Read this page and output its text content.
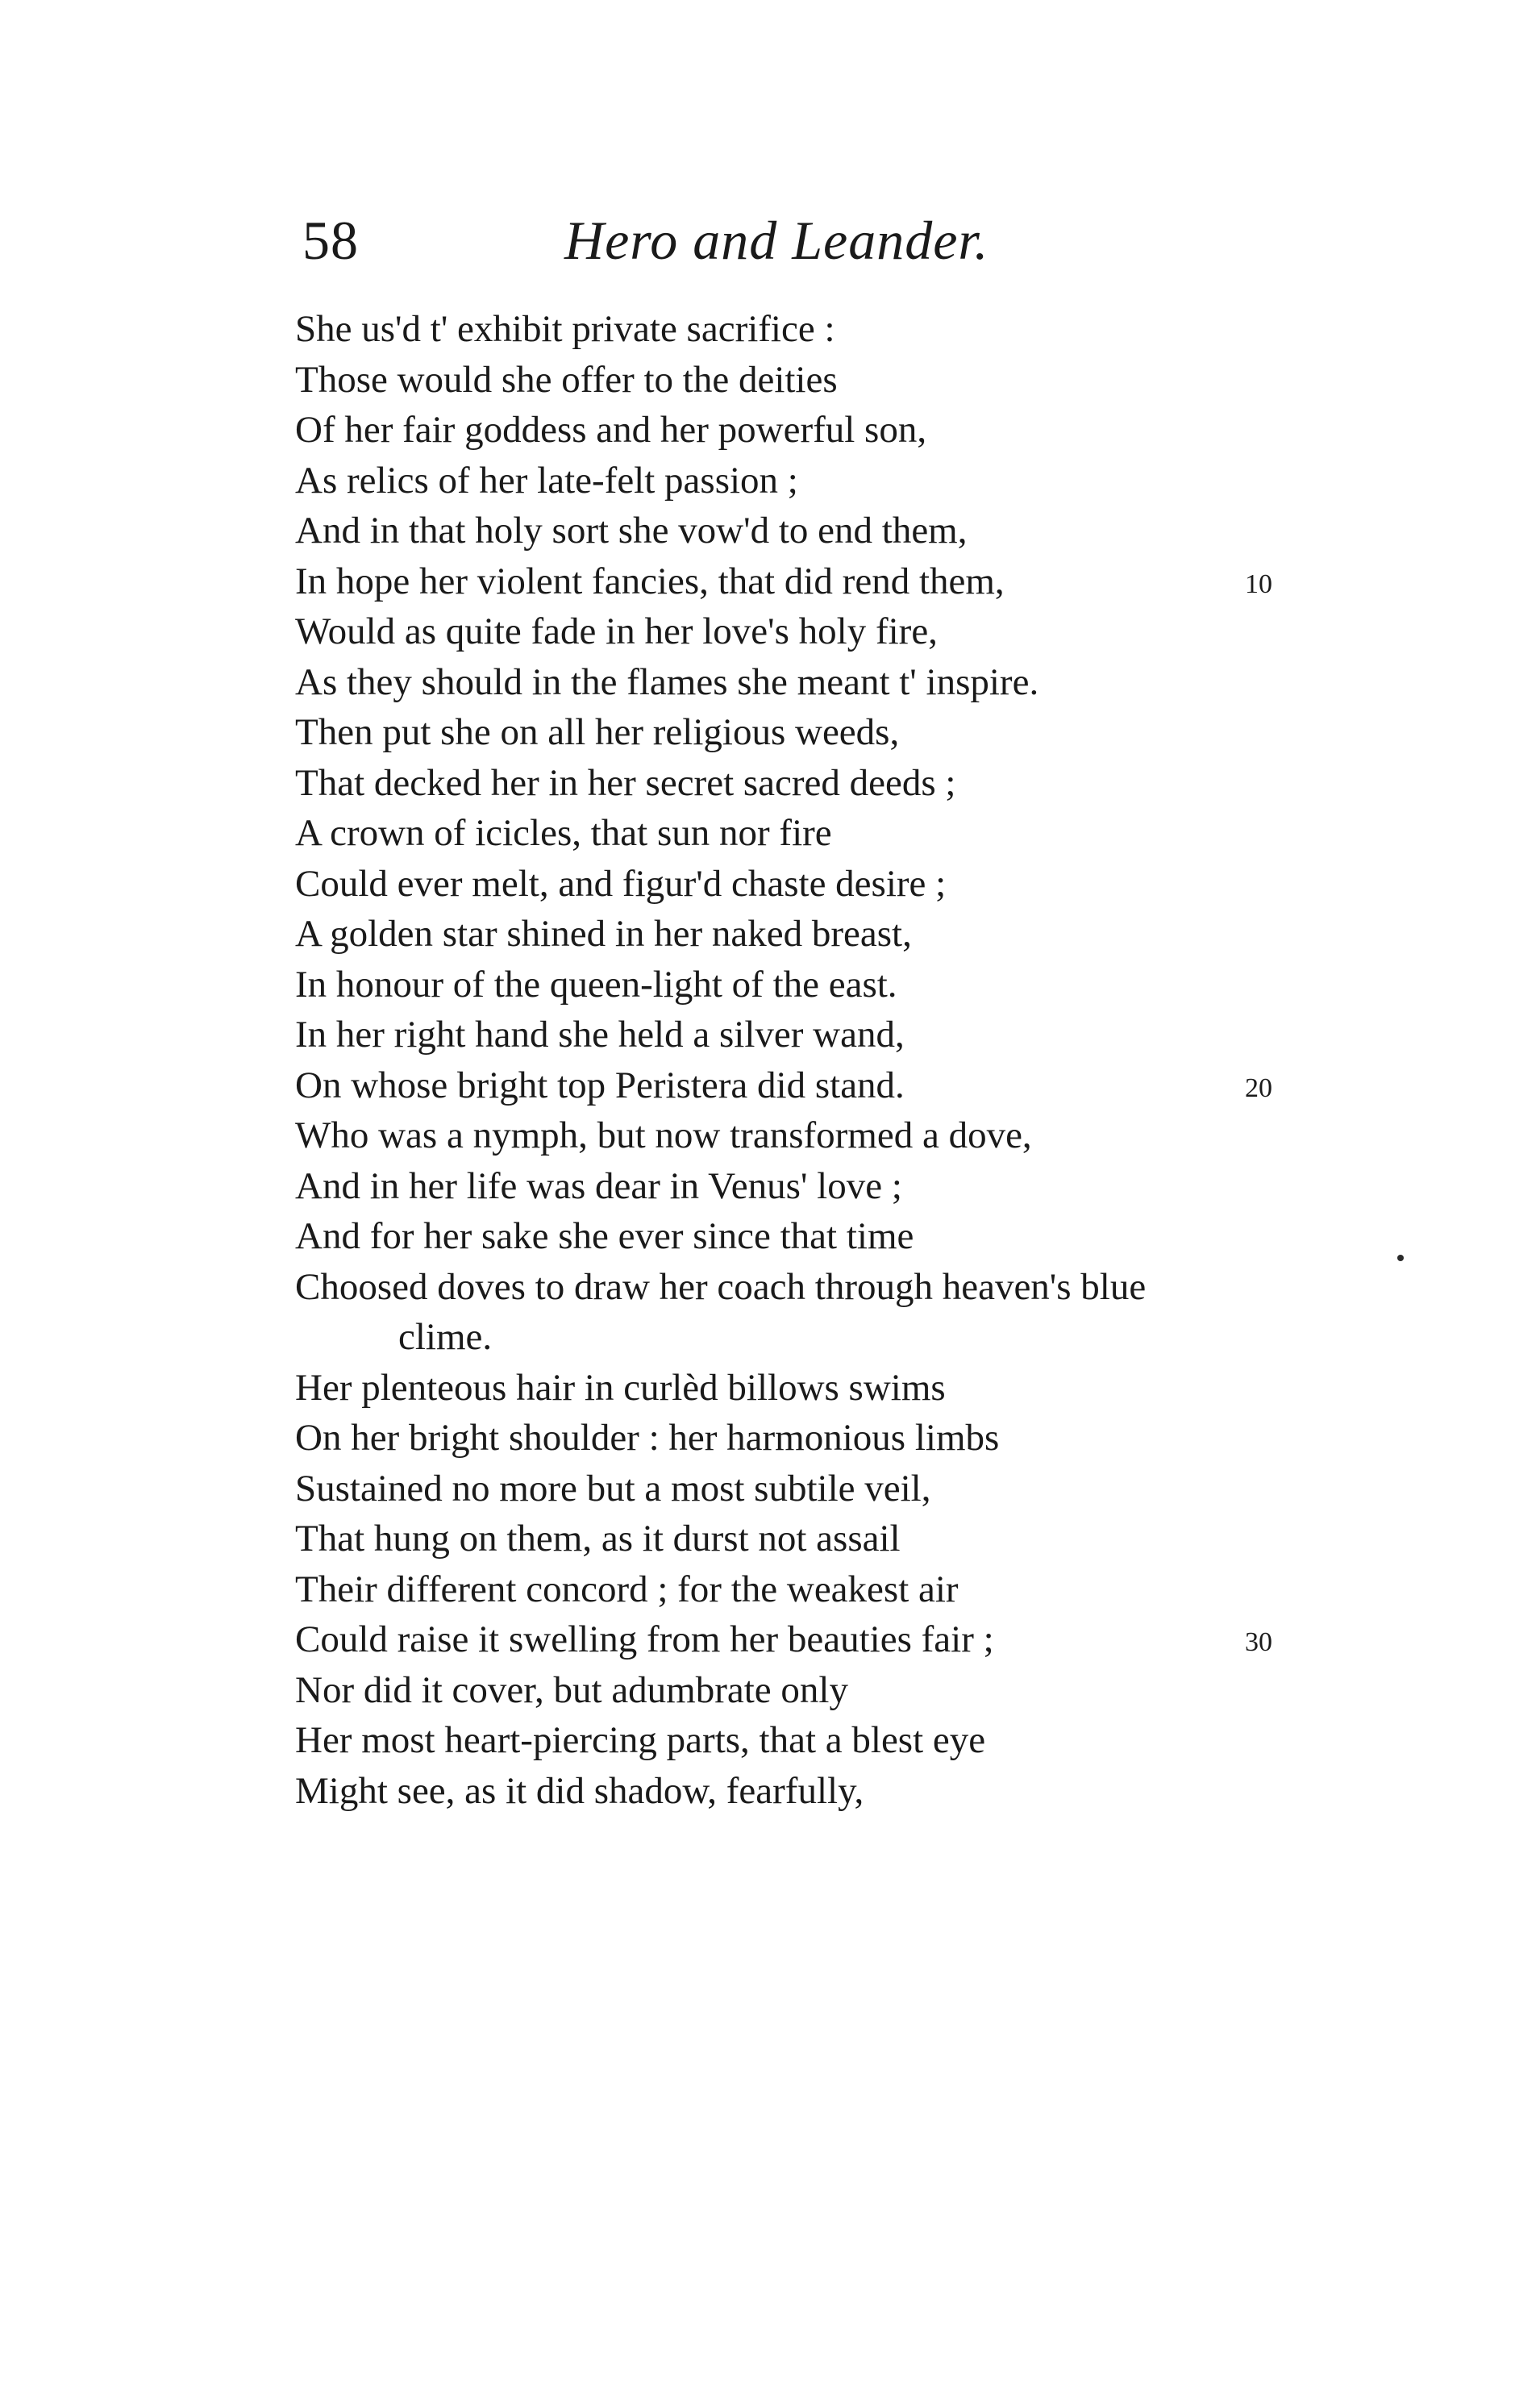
58	Hero and Leander.
She us'd t' exhibit private sacrifice :
Those would she offer to the deities
Of her fair goddess and her powerful son,
As relics of her late-felt passion ;
And in that holy sort she vow'd to end them,
In hope her violent fancies, that did rend them,	10
Would as quite fade in her love's holy fire,
As they should in the flames she meant t' inspire.
Then put she on all her religious weeds,
That decked her in her secret sacred deeds ;
A crown of icicles, that sun nor fire
Could ever melt, and figur'd chaste desire ;
A golden star shined in her naked breast,
In honour of the queen-light of the east.
In her right hand she held a silver wand,
On whose bright top Peristera did stand.	20
Who was a nymph, but now transformed a dove,
And in her life was dear in Venus' love ;
And for her sake she ever since that time
Choosed doves to draw her coach through heaven's blue
clime.
Her plenteous hair in curlèd billows swims
On her bright shoulder : her harmonious limbs
Sustained no more but a most subtile veil,
That hung on them, as it durst not assail
Their different concord ; for the weakest air
Could raise it swelling from her beauties fair ;	30
Nor did it cover, but adumbrate only
Her most heart-piercing parts, that a blest eye
Might see, as it did shadow, fearfully,
